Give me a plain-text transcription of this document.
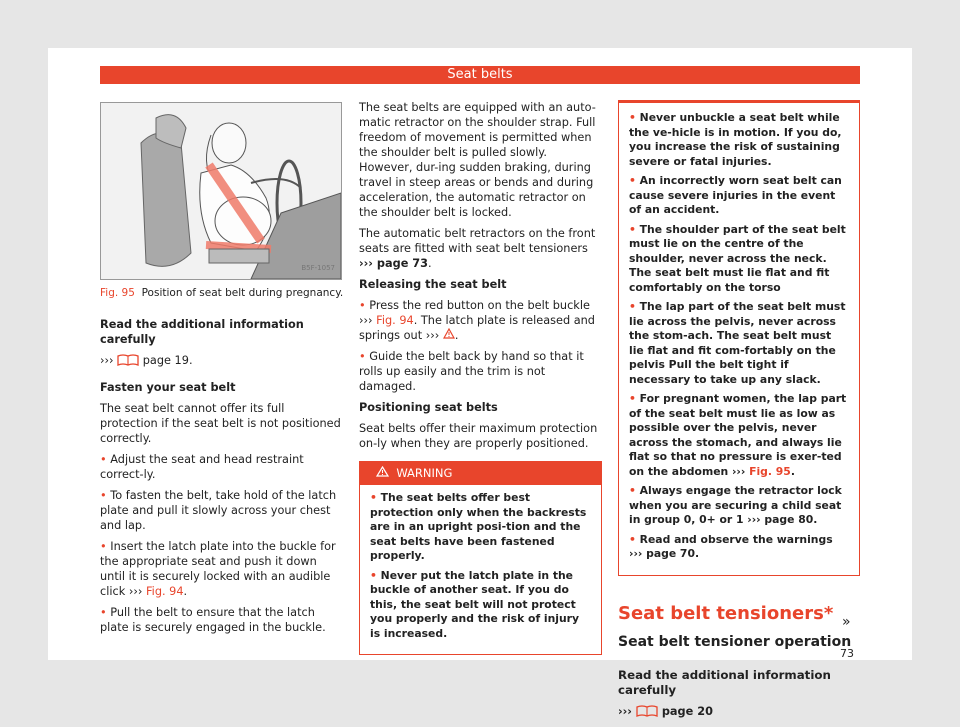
Seat belts
B5F-1057
Fig. 95 Position of seat belt during pregnancy.

Read the additional information carefully

›››	page 19.

Fasten your seat belt

The seat belt cannot offer its full protection if the seat belt is not positioned correctly.

• Adjust the seat and head restraint correct-ly.

• To fasten the belt, take hold of the latch plate and pull it slowly across your chest and lap.

• Insert the latch plate into the buckle for the appropriate seat and push it down until it is securely locked with an audible click ››› Fig. 94.

• Pull the belt to ensure that the latch plate is securely engaged in the buckle.

The seat belts are equipped with an auto-matic retractor on the shoulder strap. Full freedom of movement is permitted when the shoulder belt is pulled slowly. However, dur-ing sudden braking, during travel in steep areas or bends and during acceleration, the automatic retractor on the shoulder belt is locked.

The automatic belt retractors on the front seats are fitted with seat belt tensioners ››› page 73.

Releasing the seat belt

• Press the red button on the belt buckle ››› Fig. 94. The latch plate is released and springs out ››› .

• Guide the belt back by hand so that it rolls up easily and the trim is not damaged.

Positioning seat belts

Seat belts offer their maximum protection on-ly when they are properly positioned.

WARNING

• The seat belts offer best protection only when the backrests are in an upright posi-tion and the seat belts have been fastened properly.

• Never put the latch plate in the buckle of another seat. If you do this, the seat belt will not protect you properly and the risk of injury is increased.

• Never unbuckle a seat belt while the ve-hicle is in motion. If you do, you increase the risk of sustaining severe or fatal injuries.

• An incorrectly worn seat belt can cause severe injuries in the event of an accident.

• The shoulder part of the seat belt must lie on the centre of the shoulder, never across the neck. The seat belt must lie flat and fit comfortably on the torso

• The lap part of the seat belt must lie across the pelvis, never across the stom-ach. The seat belt must lie flat and fit com-fortably on the pelvis Pull the belt tight if necessary to take up any slack.

• For pregnant women, the lap part of the seat belt must lie as low as possible over the pelvis, never across the stomach, and always lie flat so that no pressure is exer-ted on the abdomen ››› Fig. 95.

• Always engage the retractor lock when you are securing a child seat in group 0, 0+ or 1 ››› page 80.

• Read and observe the warnings
››› page 70.

Seat belt tensioners*
Seat belt tensioner operation

Read the additional information carefully

›››	page 20

»
73
